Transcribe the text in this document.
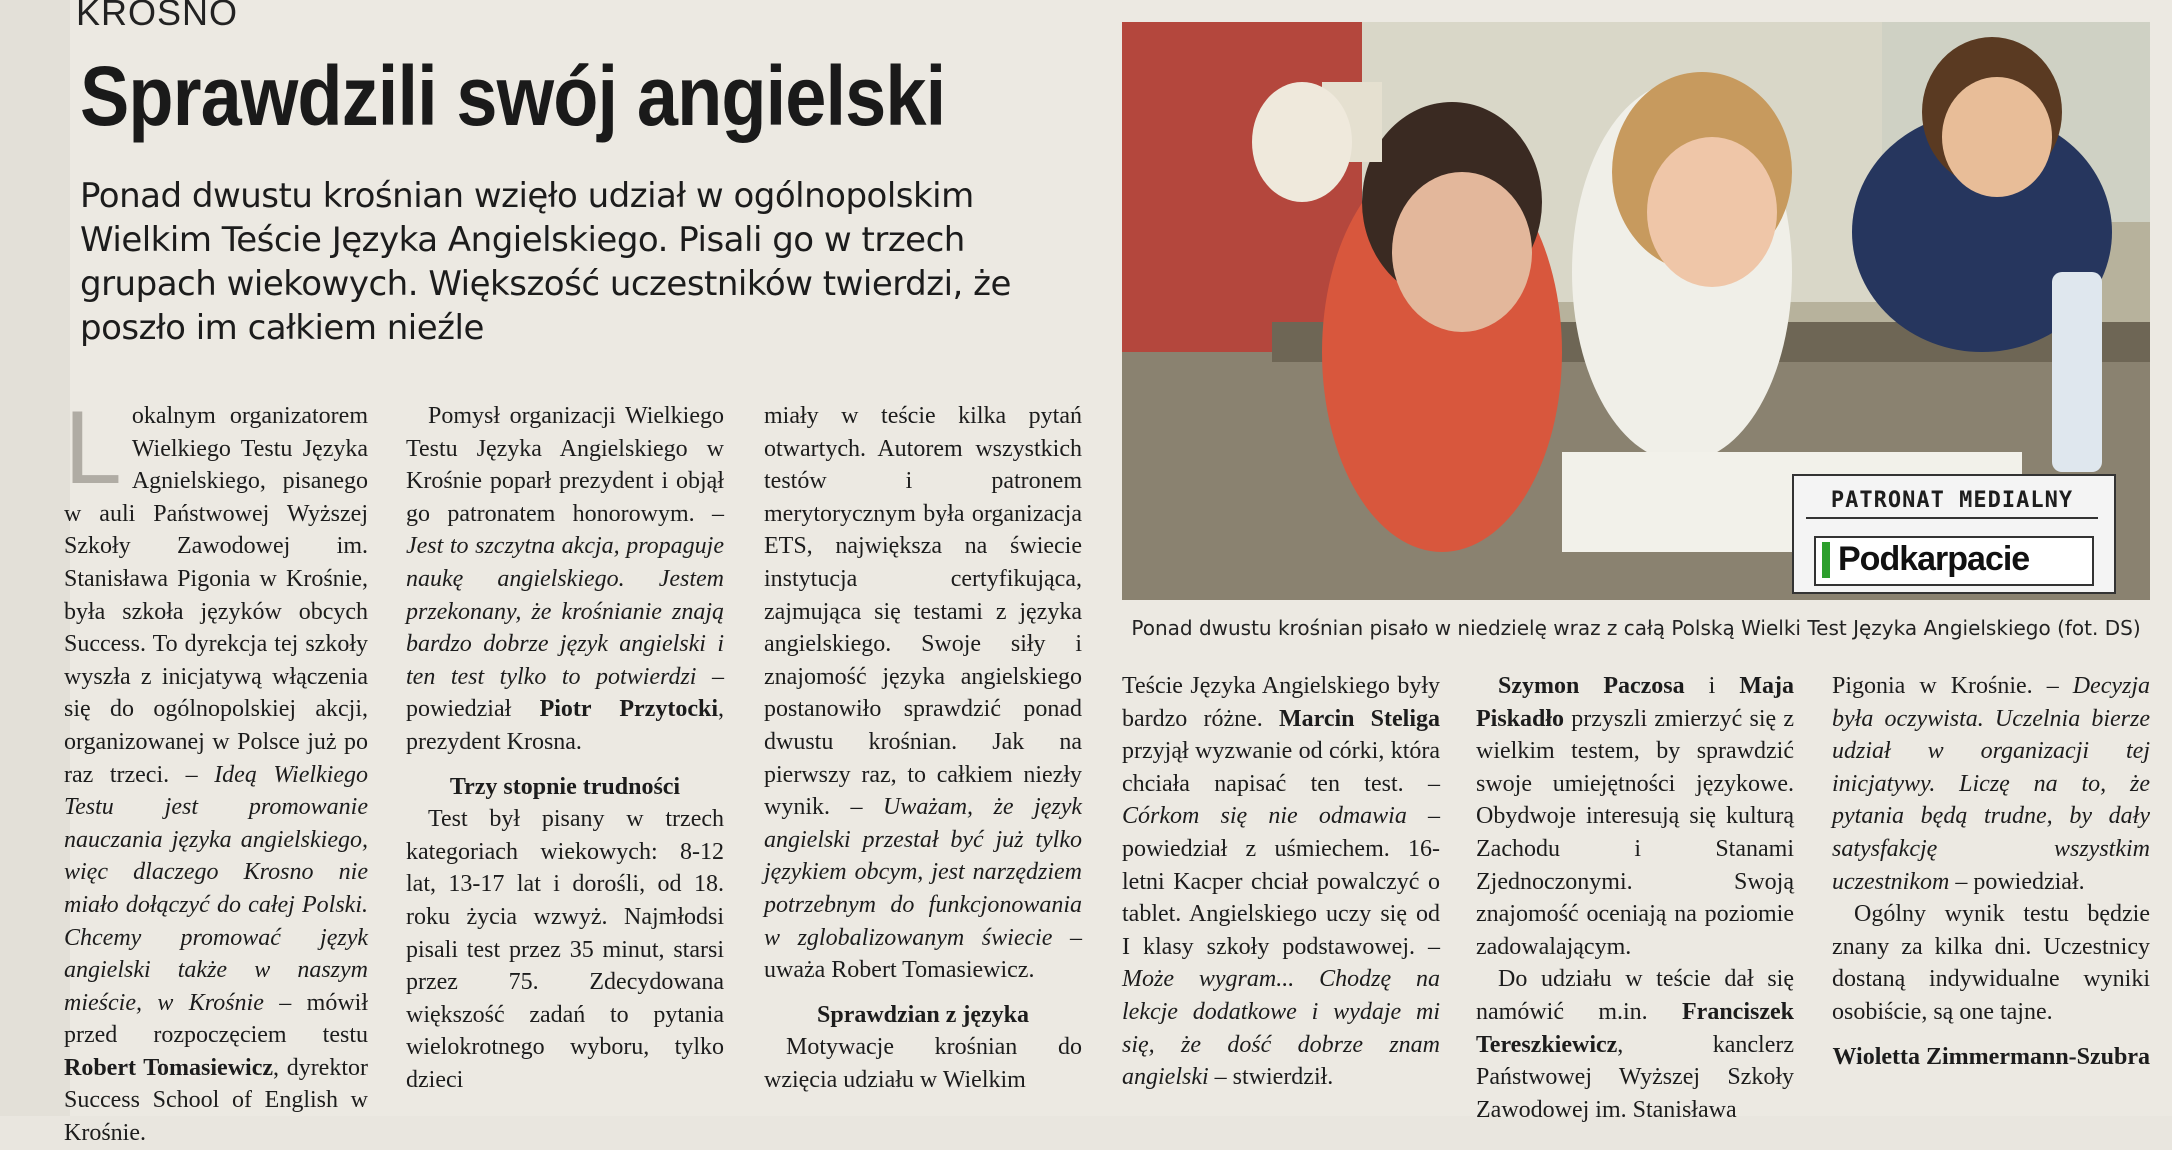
KROSNO
Sprawdzili swój angielski
Ponad dwustu krośnian wzięło udział w ogólnopolskim Wielkim Teście Języka Angielskiego. Pisali go w trzech grupach wiekowych. Większość uczestników twierdzi, że poszło im całkiem nieźle

L okalnym organizatorem Wielkiego Testu Języka Agnielskiego, pisanego w auli Państwowej Wyższej Szkoły Zawodowej im. Stanisława Pigonia w Krośnie, była szkoła języków obcych Success. To dyrekcja tej szkoły wyszła z inicjatywą włączenia się do ogólnopolskiej akcji, organizowanej w Polsce już po raz trzeci. – Ideą Wielkiego Testu jest promowanie nauczania języka angielskiego, więc dlaczego Krosno nie miało dołączyć do całej Polski. Chcemy promować język angielski także w naszym mieście, w Krośnie – mówił przed rozpoczęciem testu Robert Tomasiewicz, dyrektor Success School of English w Krośnie.

Pomysł organizacji Wielkiego Testu Języka Angielskiego w Krośnie poparł prezydent i objął go patronatem honorowym. – Jest to szczytna akcja, propaguje naukę angielskiego. Jestem przekonany, że krośnianie znają bardzo dobrze język angielski i ten test tylko to potwierdzi – powiedział Piotr Przytocki, prezydent Krosna.

Trzy stopnie trudności

Test był pisany w trzech kategoriach wiekowych: 8-12 lat, 13-17 lat i dorośli, od 18. roku życia wzwyż. Najmłodsi pisali test przez 35 minut, starsi przez 75. Zdecydowana większość zadań to pytania wielokrotnego wyboru, tylko dzieci

miały w teście kilka pytań otwartych. Autorem wszystkich testów i patronem merytorycznym była organizacja ETS, największa na świecie instytucja certyfikująca, zajmująca się testami z języka angielskiego. Swoje siły i znajomość języka angielskiego postanowiło sprawdzić ponad dwustu krośnian. Jak na pierwszy raz, to całkiem niezły wynik. – Uważam, że język angielski przestał być już tylko językiem obcym, jest narzędziem potrzebnym do funkcjonowania w zglobalizowanym świecie – uważa Robert Tomasiewicz.

Sprawdzian z języka

Motywacje krośnian do wzięcia udziału w Wielkim

PATRONAT MEDIALNY
Podkarpacie
Ponad dwustu krośnian pisało w niedzielę wraz z całą Polską Wielki Test Języka Angielskiego (fot. DS)

Teście Języka Angielskiego były bardzo różne. Marcin Steliga przyjął wyzwanie od córki, która chciała napisać ten test. – Córkom się nie odmawia – powiedział z uśmiechem. 16-letni Kacper chciał powalczyć o tablet. Angielskiego uczy się od I klasy szkoły podstawowej. – Może wygram... Chodzę na lekcje dodatkowe i wydaje mi się, że dość dobrze znam angielski – stwierdził.

Szymon Paczosa i Maja Piskadło przyszli zmierzyć się z wielkim testem, by sprawdzić swoje umiejętności językowe. Obydwoje interesują się kulturą Zachodu i Stanami Zjednoczonymi. Swoją znajomość oceniają na poziomie zadowalającym.

Do udziału w teście dał się namówić m.in. Franciszek Tereszkiewicz, kanclerz Państwowej Wyższej Szkoły Zawodowej im. Stanisława

Pigonia w Krośnie. – Decyzja była oczywista. Uczelnia bierze udział w organizacji tej inicjatywy. Liczę na to, że pytania będą trudne, by dały satysfakcję wszystkim uczestnikom – powiedział.

Ogólny wynik testu będzie znany za kilka dni. Uczestnicy dostaną indywidualne wyniki osobiście, są one tajne.

Wioletta Zimmermann-Szubra
